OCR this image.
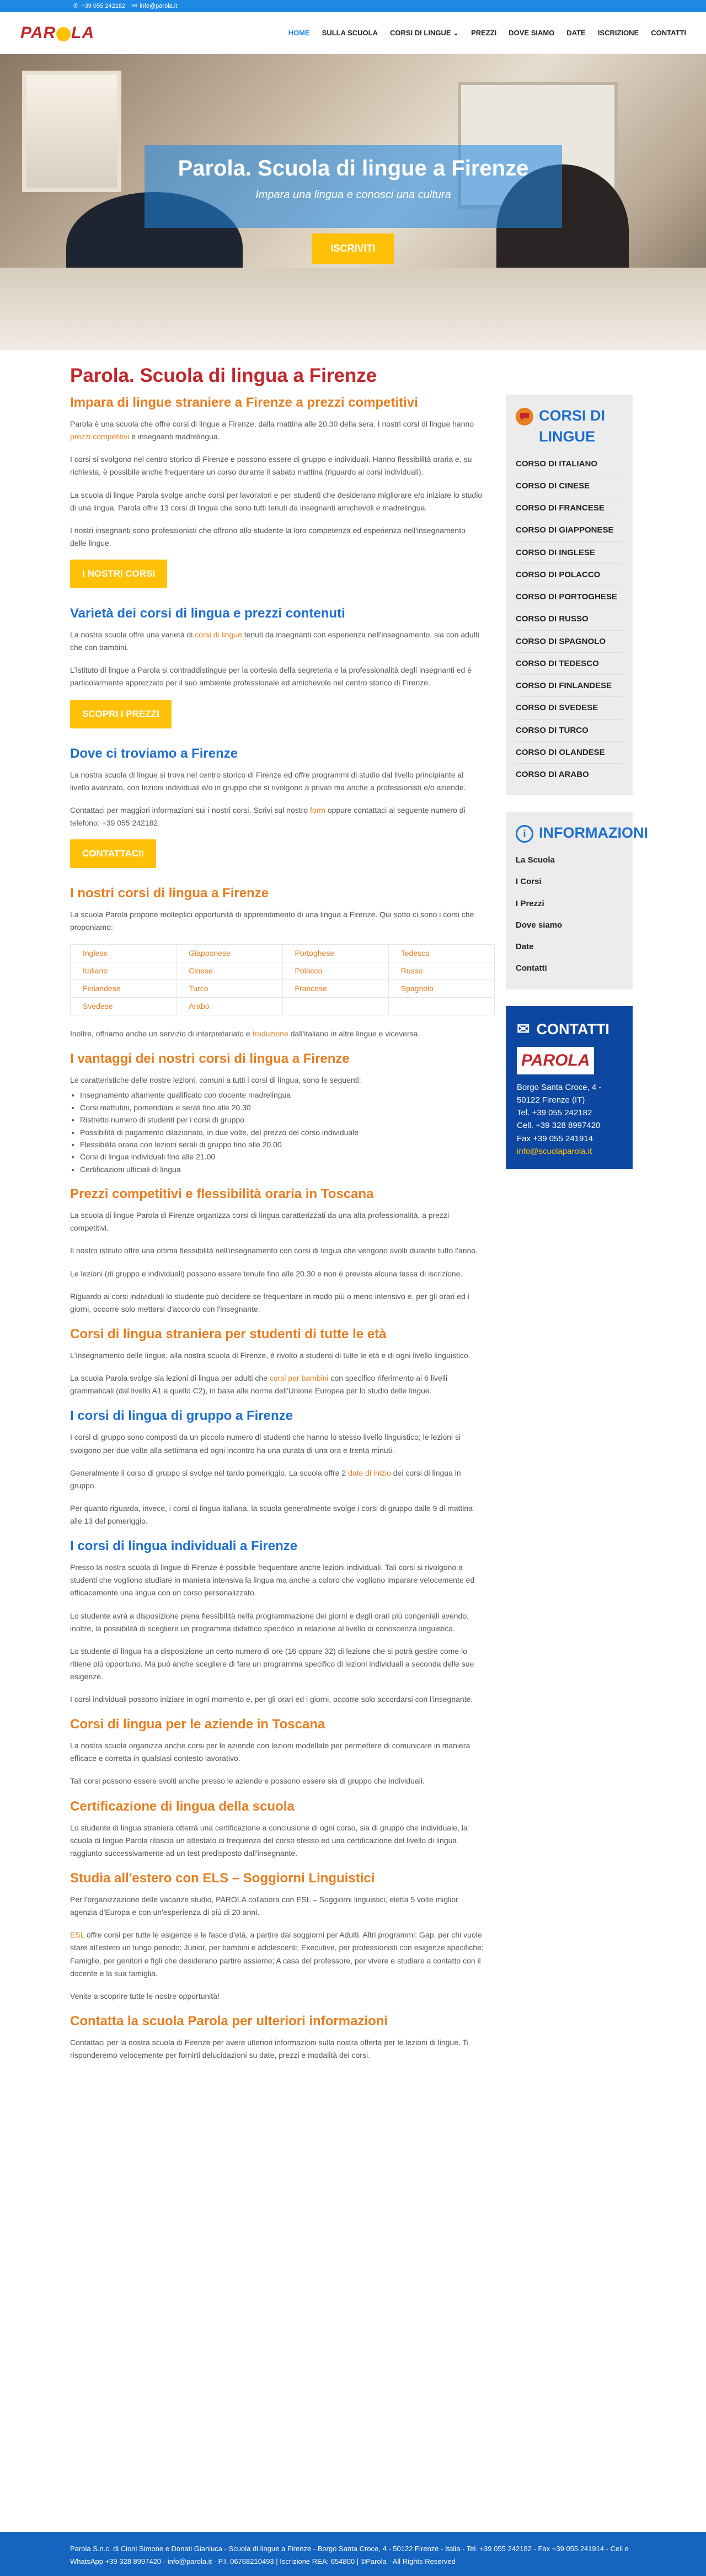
✆ +39 055 242182 ✉ info@parola.it
PAR LA	HOME	SULLA SCUOLA	CORSI DI LINGUE ⌄	PREZZI	DOVE SIAMO	DATE	ISCRIZIONE	CONTATTI
Parola. Scuola di lingue a Firenze

Impara una lingua e conosci una cultura

ISCRIVITI
Parola. Scuola di lingua a Firenze
Impara di lingue straniere a Firenze a prezzi competitivi

Parola è una scuola che offre corsi di lingue a Firenze, dalla mattina alle 20.30 della sera. I nostri corsi di lingue hanno prezzi competitivi e insegnanti madrelingua.

I corsi si svolgono nel centro storico di Firenze e possono essere di gruppo e individuali. Hanno flessibilità oraria e, su richiesta, è possibile anche frequentare un corso durante il sabato mattina (riguardo ai corsi individuali).

La scuola di lingue Parola svolge anche corsi per lavoratori e per studenti che desiderano migliorare e/o iniziare lo studio di una lingua. Parola offre 13 corsi di lingua che sono tutti tenuti da insegnanti amichevoli e madrelingua.

I nostri insegnanti sono professionisti che offrono allo studente la loro competenza ed esperienza nell'insegnamento delle lingue.

I NOSTRI CORSI
Varietà dei corsi di lingua e prezzi contenuti

La nostra scuola offre una varietà di corsi di lingue tenuti da insegnanti con esperienza nell'insegnamento, sia con adulti che con bambini.

L'istituto di lingue a Parola si contraddistingue per la cortesia della segreteria e la professionalità degli insegnanti ed è particolarmente apprezzato per il suo ambiente professionale ed amichevole nel centro storico di Firenze.

SCOPRI I PREZZI
Dove ci troviamo a Firenze

La nostra scuola di lingue si trova nel centro storico di Firenze ed offre programmi di studio dal livello principiante al livello avanzato, con lezioni individuali e/o in gruppo che si rivolgono a privati ma anche a professionisti e/o aziende.

Contattaci per maggiori informazioni sui i nostri corsi. Scrivi sul nostro form oppure contattaci al seguente numero di telefono: +39 055 242182.

CONTATTACI!
I nostri corsi di lingua a Firenze

La scuola Parola propone molteplici opportunità di apprendimento di una lingua a Firenze. Qui sotto ci sono i corsi che proponiamo:

Inglese	Giapponese	Portoghese	Tedesco
Italiano	Cinese	Polacco	Russo
Finlandese	Turco	Francese	Spagnolo
Svedese	Arabo		

Inoltre, offriamo anche un servizio di interpretariato e traduzione dall'italiano in altre lingue e viceversa.

I vantaggi dei nostri corsi di lingua a Firenze

Le caratteristiche delle nostre lezioni, comuni a tutti i corsi di lingua, sono le seguenti:

• Insegnamento altamente qualificato con docente madrelingua
• Corsi mattutini, pomeridiani e serali fino alle 20.30
• Ristretto numero di studenti per i corsi di gruppo
• Possibilità di pagamento dilazionato, in due volte, del prezzo del corso individuale
• Flessibilità oraria con lezioni serali di gruppo fino alle 20.00
• Corsi di lingua individuali fino alle 21.00
• Certificazioni ufficiali di lingua
Prezzi competitivi e flessibilità oraria in Toscana

La scuola di lingue Parola di Firenze organizza corsi di lingua caratterizzati da una alta professionalità, a prezzi competitivi.

Il nostro istituto offre una ottima flessibilità nell'insegnamento con corsi di lingua che vengono svolti durante tutto l'anno.

Le lezioni (di gruppo e individuali) possono essere tenute fino alle 20.30 e non è prevista alcuna tassa di iscrizione.

Riguardo ai corsi individuali lo studente può decidere se frequentare in modo più o meno intensivo e, per gli orari ed i giorni, occorre solo mettersi d'accordo con l'insegnante.

Corsi di lingua straniera per studenti di tutte le età

L'insegnamento delle lingue, alla nostra scuola di Firenze, è rivolto a studenti di tutte le età e di ogni livello linguistico.

La scuola Parola svolge sia lezioni di lingua per adulti che corsi per bambini con specifico riferimento ai 6 livelli grammaticali (dal livello A1 a quello C2), in base alle norme dell'Unione Europea per lo studio delle lingue.

I corsi di lingua di gruppo a Firenze

I corsi di gruppo sono composti da un piccolo numero di studenti che hanno lo stesso livello linguistico; le lezioni si svolgono per due volte alla settimana ed ogni incontro ha una durata di una ora e trenta minuti.

Generalmente il corso di gruppo si svolge nel tardo pomeriggio. La scuola offre 2 date di inizio dei corsi di lingua in gruppo.

Per quanto riguarda, invece, i corsi di lingua italiana, la scuola generalmente svolge i corsi di gruppo dalle 9 di mattina alle 13 del pomeriggio.

I corsi di lingua individuali a Firenze

Presso la nostra scuola di lingue di Firenze è possibile frequentare anche lezioni individuali. Tali corsi si rivolgono a studenti che vogliono studiare in maniera intensiva la lingua ma anche a coloro che vogliono imparare velocemente ed efficacemente una lingua con un corso personalizzato.

Lo studente avrà a disposizione piena flessibilità nella programmazione dei giorni e degli orari più congeniali avendo, inoltre, la possibilità di scegliere un programma didattico specifico in relazione al livello di conoscenza linguistica.

Lo studente di lingua ha a disposizione un certo numero di ore (16 oppure 32) di lezione che si potrà gestire come lo ritiene più opportuno. Ma può anche scegliere di fare un programma specifico di lezioni individuali a seconda delle sue esigenze.

I corsi individuali possono iniziare in ogni momento e, per gli orari ed i giorni, occorre solo accordarsi con l'insegnante.

Corsi di lingua per le aziende in Toscana

La nostra scuola organizza anche corsi per le aziende con lezioni modellate per permettere di comunicare in maniera efficace e corretta in qualsiasi contesto lavorativo.

Tali corsi possono essere svolti anche presso le aziende e possono essere sia di gruppo che individuali.

Certificazione di lingua della scuola

Lo studente di lingua straniera otterrà una certificazione a conclusione di ogni corso, sia di gruppo che individuale, la scuola di lingue Parola rilascia un attestato di frequenza del corso stesso ed una certificazione del livello di lingua raggiunto successivamente ad un test predisposto dall'insegnante.

Studia all'estero con ELS – Soggiorni Linguistici

Per l'organizzazione delle vacanze studio, PAROLA collabora con ESL – Soggiorni linguistici, eletta 5 volte miglior agenzia d'Europa e con un'esperienza di più di 20 anni.

ESL offre corsi per tutte le esigenze e le fasce d'età, a partire dai soggiorni per Adulti. Altri programmi: Gap, per chi vuole stare all'estero un lungo periodo; Junior, per bambini e adolescenti; Executive, per professionisti con esigenze specifiche; Famiglie, per genitori e figli che desiderano partire assieme; A casa del professore, per vivere e studiare a contatto con il docente e la sua famiglia.

Venite a scoprire tutte le nostre opportunità!

Contatta la scuola Parola per ulteriori informazioni

Contattaci per la nostra scuola di Firenze per avere ulteriori informazioni sulla nostra offerta per le lezioni di lingue. Ti risponderemo velocemente per fornirti delucidazioni su date, prezzi e modalità dei corsi.

CORSI DI LINGUE
CORSO DI ITALIANO
CORSO DI CINESE
CORSO DI FRANCESE
CORSO DI GIAPPONESE
CORSO DI INGLESE
CORSO DI POLACCO
CORSO DI PORTOGHESE
CORSO DI RUSSO
CORSO DI SPAGNOLO
CORSO DI TEDESCO
CORSO DI FINLANDESE
CORSO DI SVEDESE
CORSO DI TURCO
CORSO DI OLANDESE
CORSO DI ARABO
i INFORMAZIONI
La Scuola
I Corsi
I Prezzi
Dove siamo
Date
Contatti
✉ CONTATTI
PAROLA

Borgo Santa Croce, 4 - 50122 Firenze (IT)

Tel. +39 055 242182

Cell. +39 328 8997420

Fax +39 055 241914

info@scuolaparola.it

Parola S.n.c. di Cioni Simone e Donati Gianluca - Scuola di lingue a Firenze - Borgo Santa Croce, 4 - 50122 Firenze - Italia - Tel. +39 055 242182 - Fax +39 055 241914 - Cell e WhatsApp +39 328 8997420 - info@parola.it - P.I. 06768210493 | Iscrizione REA: 654800 | ©Parola - All Rights Reserved
